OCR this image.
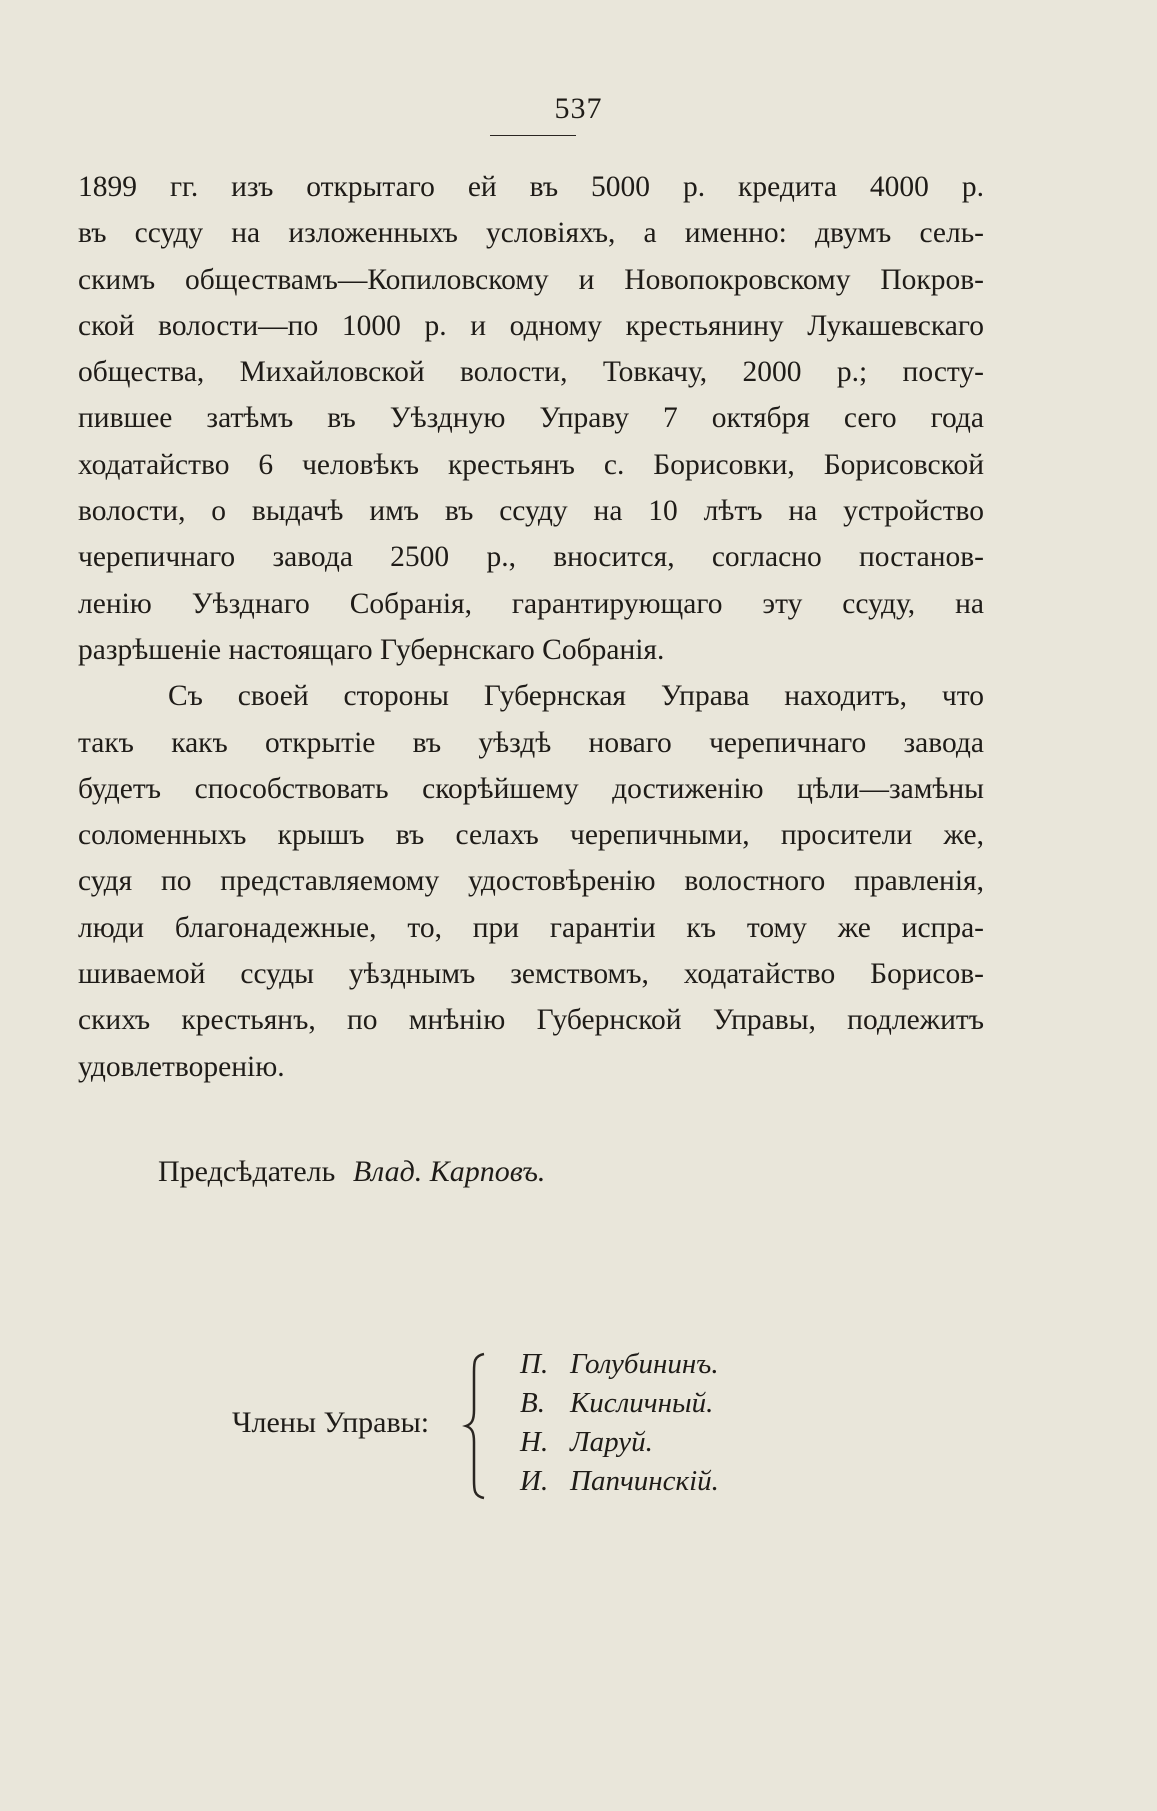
537

1899 гг. изъ открытаго ей въ 5000 р. кредита 4000 р.
въ ссуду на изложенныхъ условіяхъ, а именно: двумъ сель-
скимъ обществамъ—Копиловскому и Новопокровскому Покров-
ской волости—по 1000 р. и одному крестьянину Лукашевскаго
общества, Михайловской волости, Товкачу, 2000 р.; посту-
пившее затѣмъ въ Уѣздную Управу 7 октября сего года
ходатайство 6 человѣкъ крестьянъ с. Борисовки, Борисовской
волости, о выдачѣ имъ въ ссуду на 10 лѣтъ на устройство
черепичнаго завода 2500 р., вносится, согласно постанов-
ленію Уѣзднаго Собранія, гарантирующаго эту ссуду, на
разрѣшеніе настоящаго Губернскаго Собранія.

Съ своей стороны Губернская Управа находитъ, что
такъ какъ открытіе въ уѣздѣ новаго черепичнаго завода
будетъ способствовать скорѣйшему достиженію цѣли—замѣны
соломенныхъ крышъ въ селахъ черепичными, просители же,
судя по представляемому удостовѣренію волостного правленія,
люди благонадежные, то, при гарантіи къ тому же испра-
шиваемой ссуды уѣзднымъ земствомъ, ходатайство Борисов-
скихъ крестьянъ, по мнѣнію Губернской Управы, подлежитъ
удовлетворенію.

Предсѣдатель Влад. Карповъ.
Члены Управы:
П. Голубининъ.
В. Кисличный.
Н. Ларуй.
И. Папчинскій.
